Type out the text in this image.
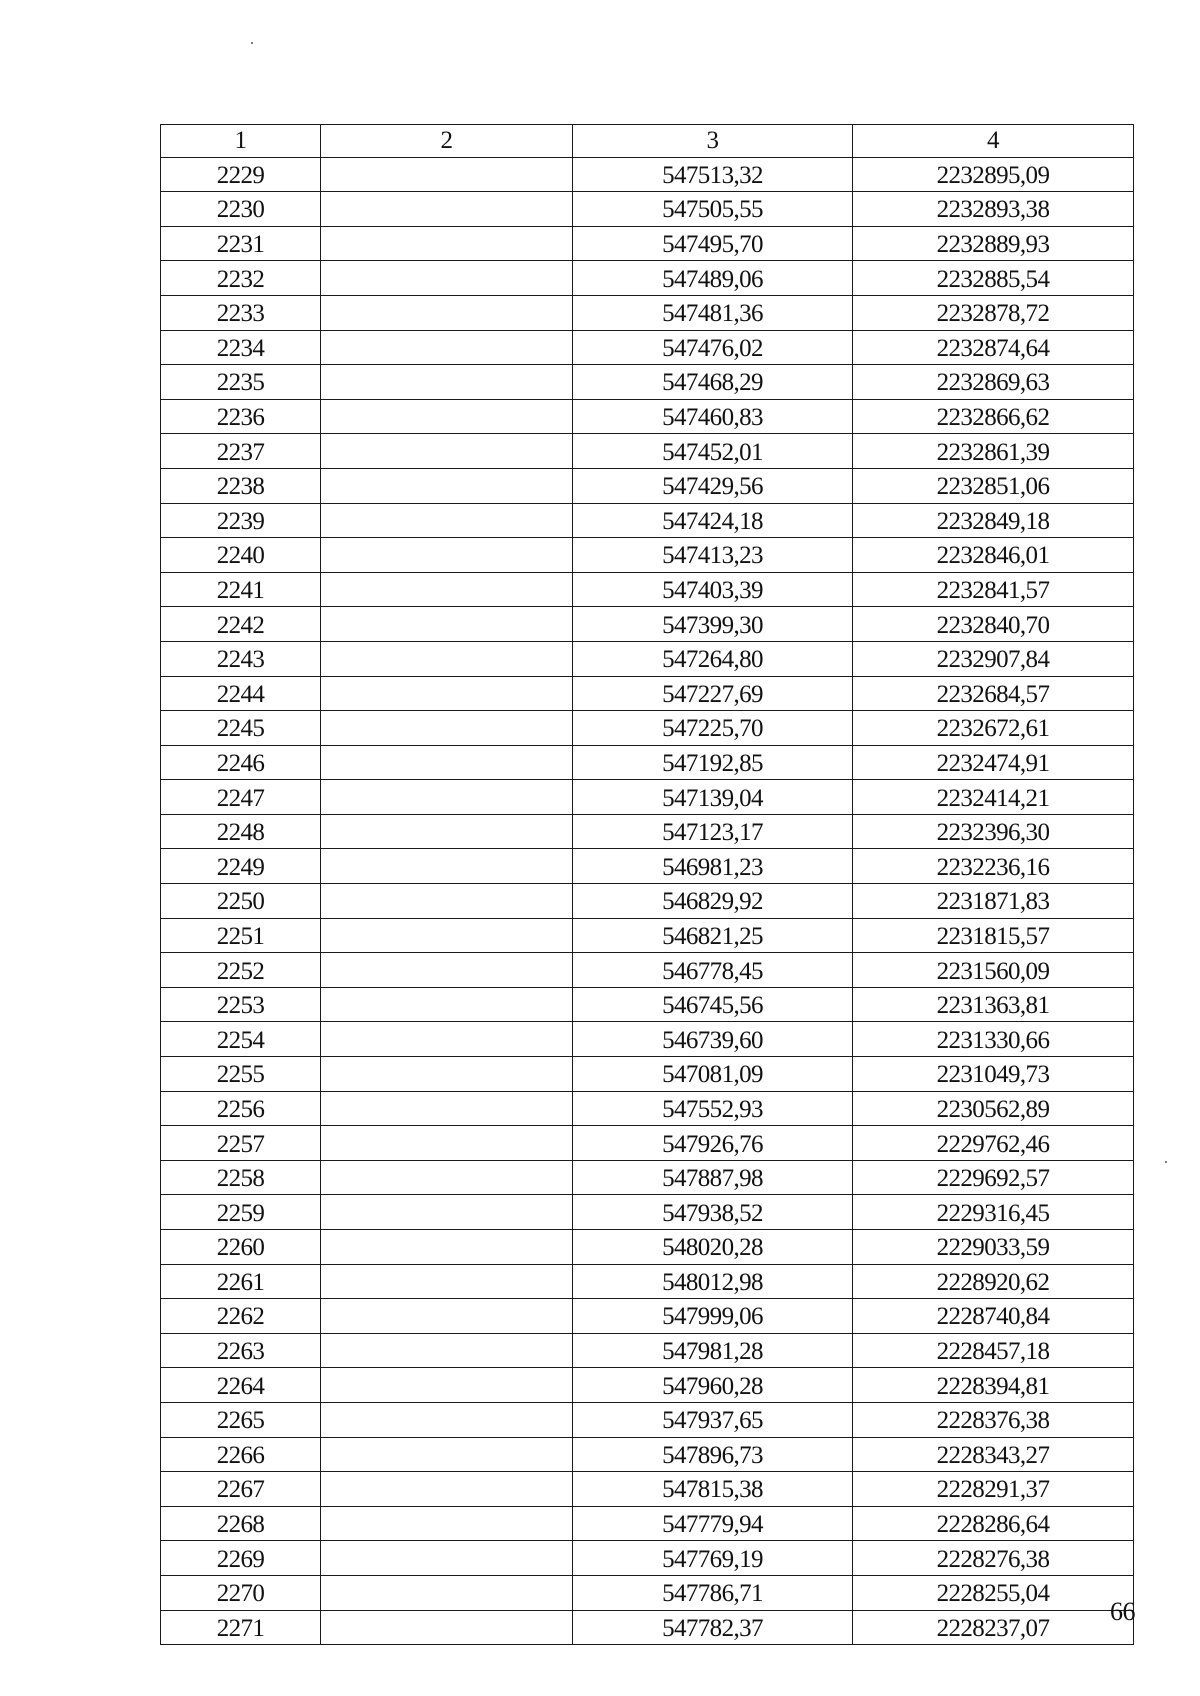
1	2	3	4
2229		547513,32	2232895,09
2230		547505,55	2232893,38
2231		547495,70	2232889,93
2232		547489,06	2232885,54
2233		547481,36	2232878,72
2234		547476,02	2232874,64
2235		547468,29	2232869,63
2236		547460,83	2232866,62
2237		547452,01	2232861,39
2238		547429,56	2232851,06
2239		547424,18	2232849,18
2240		547413,23	2232846,01
2241		547403,39	2232841,57
2242		547399,30	2232840,70
2243		547264,80	2232907,84
2244		547227,69	2232684,57
2245		547225,70	2232672,61
2246		547192,85	2232474,91
2247		547139,04	2232414,21
2248		547123,17	2232396,30
2249		546981,23	2232236,16
2250		546829,92	2231871,83
2251		546821,25	2231815,57
2252		546778,45	2231560,09
2253		546745,56	2231363,81
2254		546739,60	2231330,66
2255		547081,09	2231049,73
2256		547552,93	2230562,89
2257		547926,76	2229762,46
2258		547887,98	2229692,57
2259		547938,52	2229316,45
2260		548020,28	2229033,59
2261		548012,98	2228920,62
2262		547999,06	2228740,84
2263		547981,28	2228457,18
2264		547960,28	2228394,81
2265		547937,65	2228376,38
2266		547896,73	2228343,27
2267		547815,38	2228291,37
2268		547779,94	2228286,64
2269		547769,19	2228276,38
2270		547786,71	2228255,04
2271		547782,37	2228237,07
66
